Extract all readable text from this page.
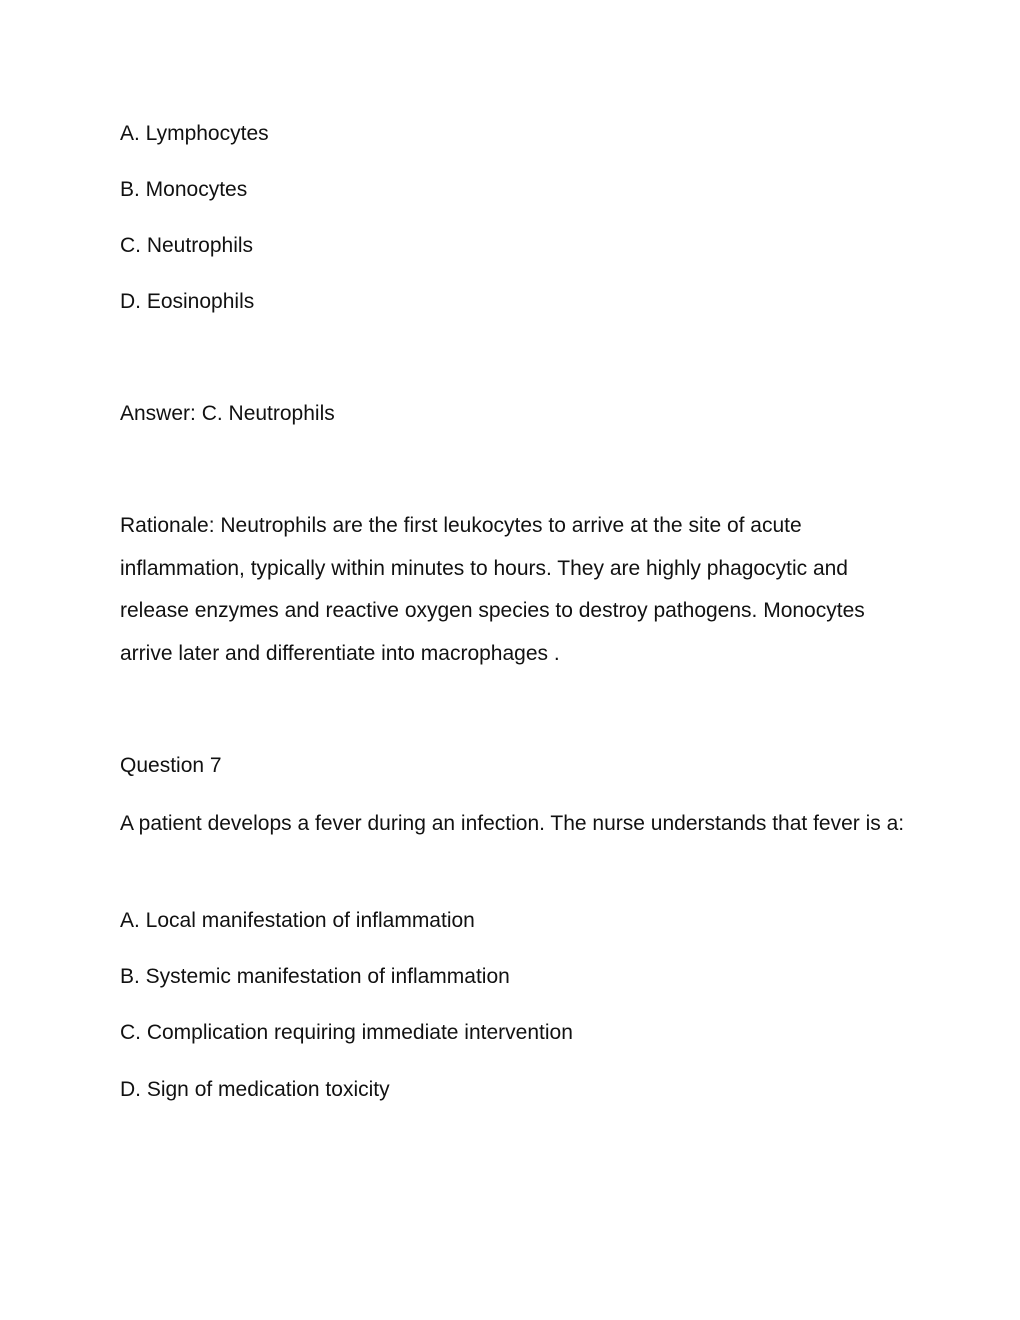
A. Lymphocytes
B. Monocytes
C. Neutrophils
D. Eosinophils
Answer: C. Neutrophils
Rationale: Neutrophils are the first leukocytes to arrive at the site of acute inflammation, typically within minutes to hours. They are highly phagocytic and release enzymes and reactive oxygen species to destroy pathogens. Monocytes arrive later and differentiate into macrophages .
Question 7
A patient develops a fever during an infection. The nurse understands that fever is a:
A. Local manifestation of inflammation
B. Systemic manifestation of inflammation
C. Complication requiring immediate intervention
D. Sign of medication toxicity
